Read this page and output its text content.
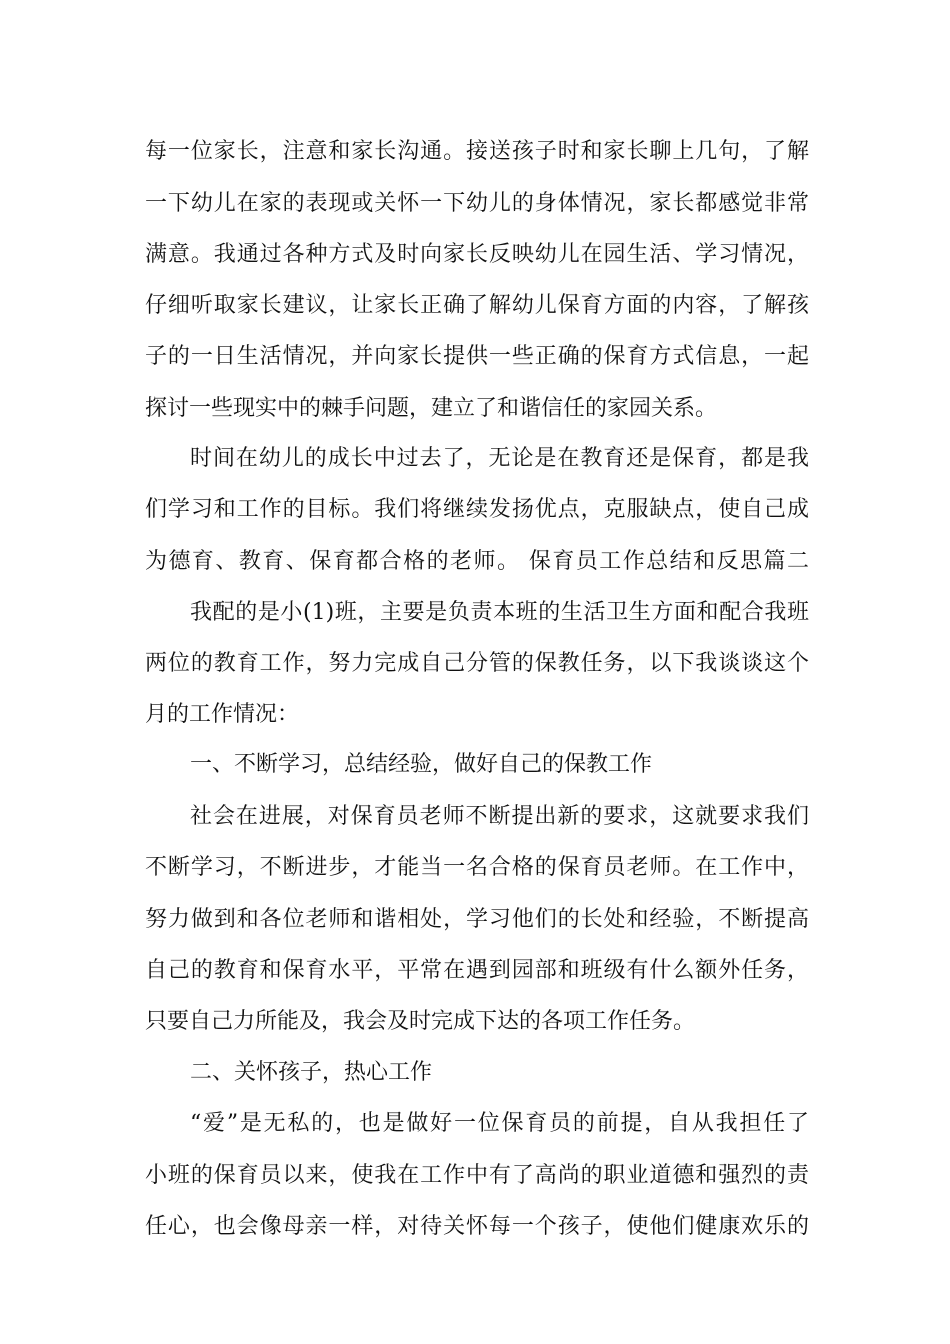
每一位家长，注意和家长沟通。接送孩子时和家长聊上几句，了解
一下幼儿在家的表现或关怀一下幼儿的身体情况，家长都感觉非常
满意。我通过各种方式及时向家长反映幼儿在园生活、学习情况，
仔细听取家长建议，让家长正确了解幼儿保育方面的内容，了解孩
子的一日生活情况，并向家长提供一些正确的保育方式信息，一起
探讨一些现实中的棘手问题，建立了和谐信任的家园关系。
时间在幼儿的成长中过去了，无论是在教育还是保育，都是我
们学习和工作的目标。我们将继续发扬优点，克服缺点，使自己成
为德育、教育、保育都合格的老师。 保育员工作总结和反思篇二
我配的是小(1)班，主要是负责本班的生活卫生方面和配合我班
两位的教育工作，努力完成自己分管的保教任务，以下我谈谈这个
月的工作情况：
一、不断学习，总结经验，做好自己的保教工作
社会在进展，对保育员老师不断提出新的要求，这就要求我们
不断学习，不断进步，才能当一名合格的保育员老师。在工作中，
努力做到和各位老师和谐相处，学习他们的长处和经验，不断提高
自己的教育和保育水平，平常在遇到园部和班级有什么额外任务，
只要自己力所能及，我会及时完成下达的各项工作任务。
二、关怀孩子，热心工作
“爱”是无私的，也是做好一位保育员的前提，自从我担任了
小班的保育员以来，使我在工作中有了高尚的职业道德和强烈的责
任心，也会像母亲一样，对待关怀每一个孩子，使他们健康欢乐的
